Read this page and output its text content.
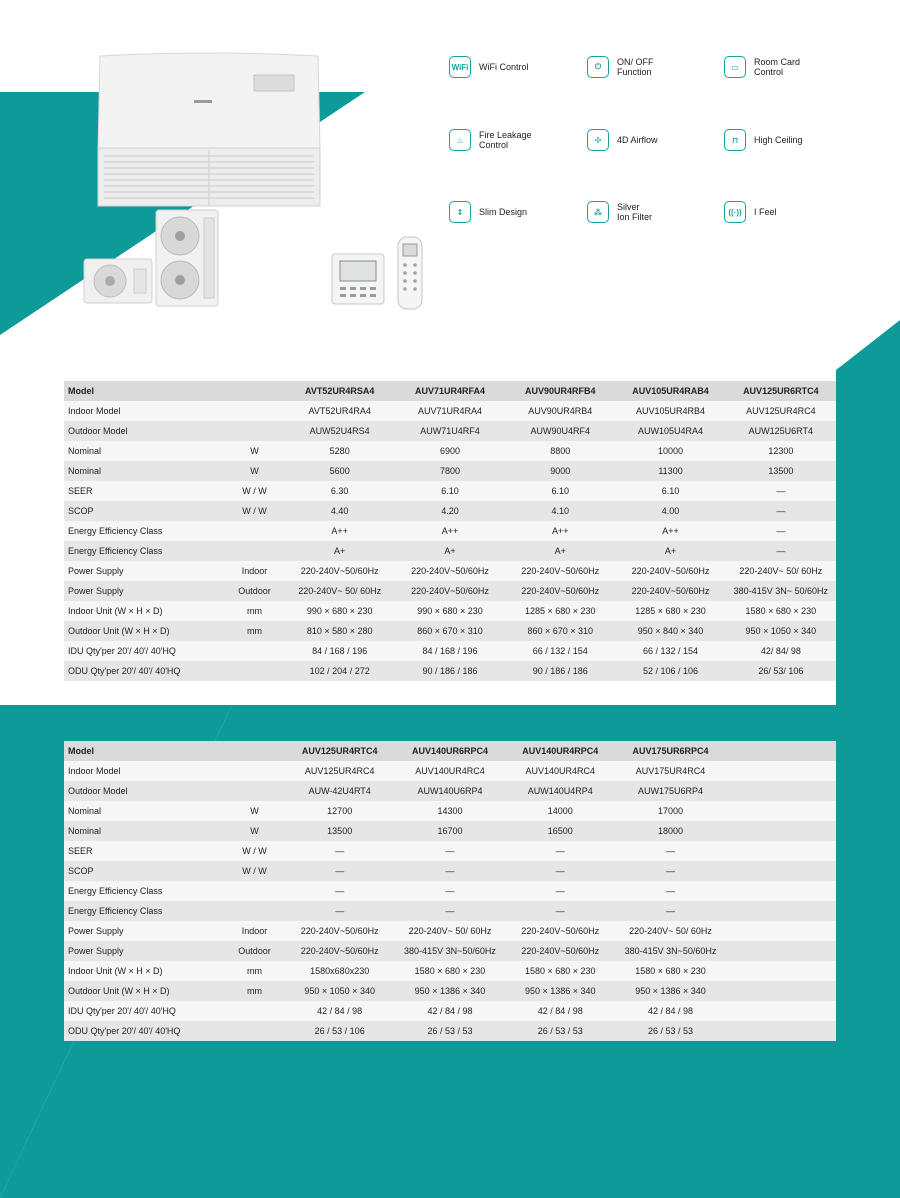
WiFi WiFi Control	⏻	ON/ OFF
Function	▭	Room Card
Control
♨	Fire Leakage
Control	✣	4D Airflow	⊓	High Ceiling
⇕	Slim Design	⁂	Silver
Ion Filter	((·))	I Feel
Model		AVT52UR4RSA4	AUV71UR4RFA4	AUV90UR4RFB4	AUV105UR4RAB4	AUV125UR6RTC4
Indoor Model		AVT52UR4RA4	AUV71UR4RA4	AUV90UR4RB4	AUV105UR4RB4	AUV125UR4RC4
Outdoor Model		AUW52U4RS4	AUW71U4RF4	AUW90U4RF4	AUW105U4RA4	AUW125U6RT4
Nominal	W	5280	6900	8800	10000	12300
Nominal	W	5600	7800	9000	11300	13500
SEER	W / W	6.30	6.10	6.10	6.10	—
SCOP	W / W	4.40	4.20	4.10	4.00	—
Energy Efficiency Class		A++	A++	A++	A++	—
Energy Efficiency Class		A+	A+	A+	A+	—
Power Supply	Indoor	220-240V~50/60Hz	220-240V~50/60Hz	220-240V~50/60Hz	220-240V~50/60Hz	220-240V~ 50/ 60Hz
Power Supply	Outdoor	220-240V~ 50/ 60Hz	220-240V~50/60Hz	220-240V~50/60Hz	220-240V~50/60Hz	380-415V 3N~ 50/60Hz
Indoor Unit (W × H × D)	mm	990 × 680 × 230	990 × 680 × 230	1285 × 680 × 230	1285 × 680 × 230	1580 × 680 × 230
Outdoor Unit (W × H × D)	mm	810 × 580 × 280	860 × 670 × 310	860 × 670 × 310	950 × 840 × 340	950 × 1050 × 340
IDU Qty'per 20'/ 40'/ 40'HQ		84 / 168 / 196	84 / 168 / 196	66 / 132 / 154	66 / 132 / 154	42/ 84/ 98
ODU Qty'per 20'/ 40'/ 40'HQ		102 / 204 / 272	90 / 186 / 186	90 / 186 / 186	52 / 106 / 106	26/ 53/ 106
Model		AUV125UR4RTC4	AUV140UR6RPC4	AUV140UR4RPC4	AUV175UR6RPC4	
Indoor Model		AUV125UR4RC4	AUV140UR4RC4	AUV140UR4RC4	AUV175UR4RC4	
Outdoor Model		AUW-42U4RT4	AUW140U6RP4	AUW140U4RP4	AUW175U6RP4	
Nominal	W	12700	14300	14000	17000	
Nominal	W	13500	16700	16500	18000	
SEER	W / W	—	—	—	—	
SCOP	W / W	—	—	—	—	
Energy Efficiency Class		—	—	—	—	
Energy Efficiency Class		—	—	—	—	
Power Supply	Indoor	220-240V~50/60Hz	220-240V~ 50/ 60Hz	220-240V~50/60Hz	220-240V~ 50/ 60Hz	
Power Supply	Outdoor	220-240V~50/60Hz	380-415V 3N~50/60Hz	220-240V~50/60Hz	380-415V 3N~50/60Hz	
Indoor Unit (W × H × D)	mm	1580x680x230	1580 × 680 × 230	1580 × 680 × 230	1580 × 680 × 230	
Outdoor Unit (W × H × D)	mm	950 × 1050 × 340	950 × 1386 × 340	950 × 1386 × 340	950 × 1386 × 340	
IDU Qty'per 20'/ 40'/ 40'HQ		42 / 84 / 98	42 / 84 / 98	42 / 84 / 98	42 / 84 / 98	
ODU Qty'per 20'/ 40'/ 40'HQ		26 / 53 / 106	26 / 53 / 53	26 / 53 / 53	26 / 53 / 53	
